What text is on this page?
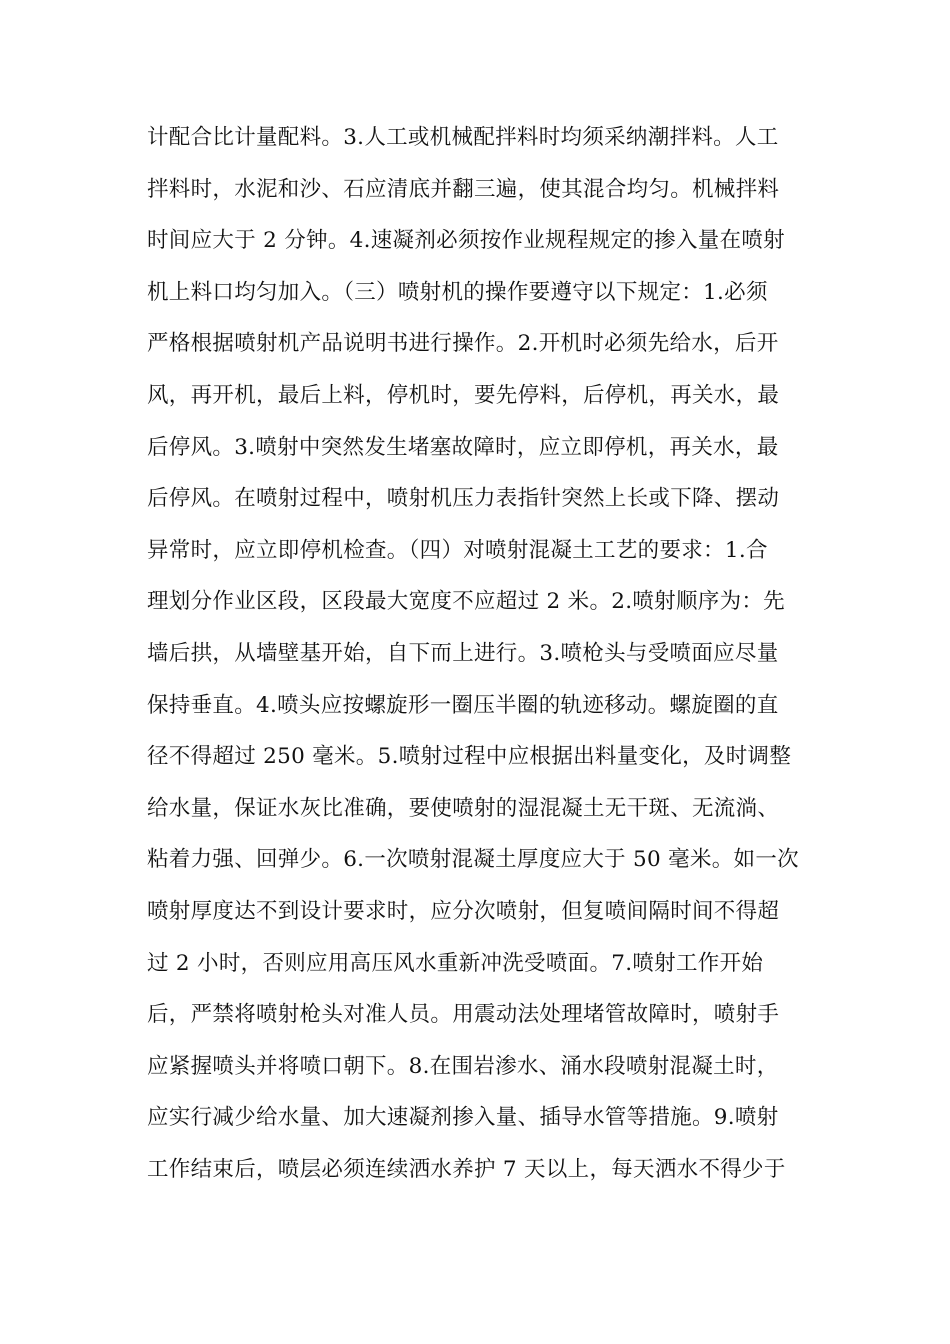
计配合比计量配料。3.人工或机械配拌料时均须采纳潮拌料。人工
拌料时，水泥和沙、石应清底并翻三遍，使其混合均匀。机械拌料
时间应大于 2 分钟。4.速凝剂必须按作业规程规定的掺入量在喷射
机上料口均匀加入。（三）喷射机的操作要遵守以下规定：1.必须
严格根据喷射机产品说明书进行操作。2.开机时必须先给水，后开
风，再开机，最后上料，停机时，要先停料，后停机，再关水，最
后停风。3.喷射中突然发生堵塞故障时，应立即停机，再关水，最
后停风。在喷射过程中，喷射机压力表指针突然上长或下降、摆动
异常时，应立即停机检查。（四）对喷射混凝土工艺的要求：1.合
理划分作业区段，区段最大宽度不应超过 2 米。2.喷射顺序为：先
墙后拱，从墙壁基开始，自下而上进行。3.喷枪头与受喷面应尽量
保持垂直。4.喷头应按螺旋形一圈压半圈的轨迹移动。螺旋圈的直
径不得超过 250 毫米。5.喷射过程中应根据出料量变化，及时调整
给水量，保证水灰比准确，要使喷射的湿混凝土无干斑、无流淌、
粘着力强、回弹少。6.一次喷射混凝土厚度应大于 50 毫米。如一次
喷射厚度达不到设计要求时，应分次喷射，但复喷间隔时间不得超
过 2 小时，否则应用高压风水重新冲洗受喷面。7.喷射工作开始
后，严禁将喷射枪头对准人员。用震动法处理堵管故障时，喷射手
应紧握喷头并将喷口朝下。8.在围岩渗水、涌水段喷射混凝土时，
应实行减少给水量、加大速凝剂掺入量、插导水管等措施。9.喷射
工作结束后，喷层必须连续洒水养护 7 天以上，每天洒水不得少于
